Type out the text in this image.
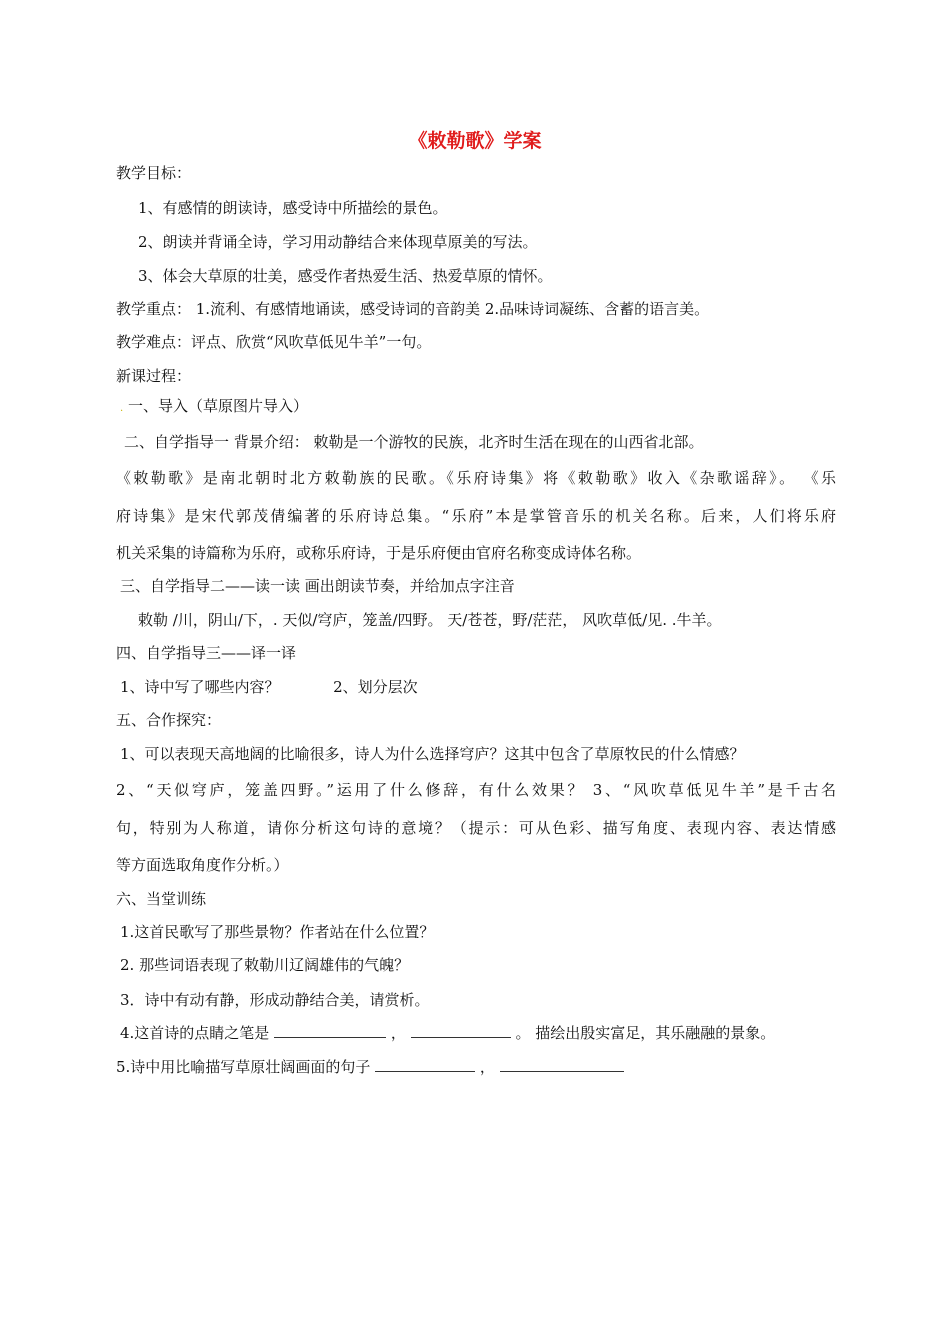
《敕勒歌》学案
教学目标：
1、有感情的朗读诗，感受诗中所描绘的景色。
2、朗读并背诵全诗，学习用动静结合来体现草原美的写法。
3、体会大草原的壮美，感受作者热爱生活、热爱草原的情怀。
教学重点： 1.流利、有感情地诵读，感受诗词的音韵美 2.品味诗词凝练、含蓄的语言美。
教学难点：评点、欣赏“风吹草低见牛羊”一句。
新课过程：
. 一、导入（草原图片导入）
二、自学指导一 背景介绍： 敕勒是一个游牧的民族，北齐时生活在现在的山西省北部。
《敕勒歌》是南北朝时北方敕勒族的民歌。《乐府诗集》将《敕勒歌》收入《杂歌谣辞》。 《乐
府诗集》是宋代郭茂倩编著的乐府诗总集。“乐府”本是掌管音乐的机关名称。后来，人们将乐府
机关采集的诗篇称为乐府，或称乐府诗，于是乐府便由官府名称变成诗体名称。
三、自学指导二——读一读 画出朗读节奏，并给加点字注音
敕勒 /川，阴山/下，. 天似/穹庐，笼盖/四野。 天/苍苍，野/茫茫， 风吹草低/见. .牛羊。
四、自学指导三——译一译
1、诗中写了哪些内容？	2、划分层次
五、合作探究：
1、可以表现天高地阔的比喻很多，诗人为什么选择穹庐？这其中包含了草原牧民的什么情感？
2、“天似穹庐，笼盖四野。”运用了什么修辞，有什么效果？ 3、“风吹草低见牛羊”是千古名
句，特别为人称道，请你分析这句诗的意境？（提示：可从色彩、描写角度、表现内容、表达情感
等方面选取角度作分析。）
六、当堂训练
1.这首民歌写了那些景物？作者站在什么位置？
2. 那些词语表现了敕勒川辽阔雄伟的气魄？
3．诗中有动有静，形成动静结合美，请赏析。
4.这首诗的点睛之笔是	，	。 描绘出殷实富足，其乐融融的景象。
5.诗中用比喻描写草原壮阔画面的句子	，
